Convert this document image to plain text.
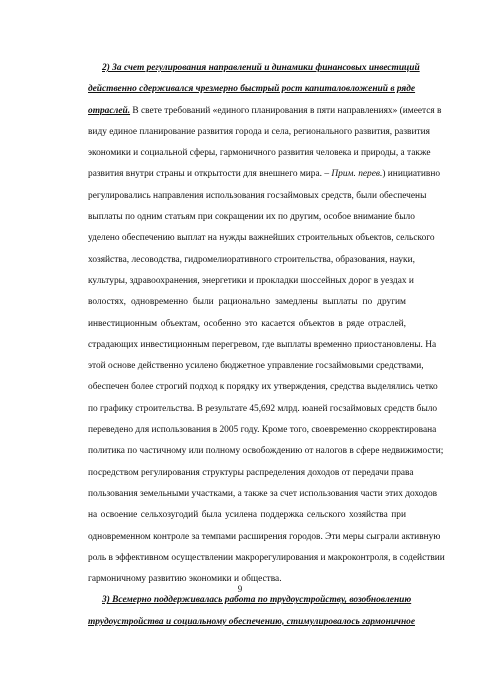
2) За счет регулирования направлений и динамики финансовых инвестиций
действенно сдерживался чрезмерно быстрый рост капиталовложений в ряде
отраслей. В свете требований «единого планирования в пяти направлениях» (имеется в
виду единое планирование развития города и села, регионального развития, развития
экономики и социальной сферы, гармоничного развития человека и природы, а также
развития внутри страны и открытости для внешнего мира. – Прим. перев.) инициативно
регулировались направления использования госзаймовых средств, были обеспечены
выплаты по одним статьям при сокращении их по другим, особое внимание было
уделено обеспечению выплат на нужды важнейших строительных объектов, сельского
хозяйства, лесоводства, гидромелиоративного строительства, образования, науки,
культуры, здравоохранения, энергетики и прокладки шоссейных дорог в уездах и
волостях, одновременно были рационально замедлены выплаты по другим
инвестиционным объектам, особенно это касается объектов в ряде отраслей,
страдающих инвестиционным перегревом, где выплаты временно приостановлены. На
этой основе действенно усилено бюджетное управление госзаймовыми средствами,
обеспечен более строгий подход к порядку их утверждения, средства выделялись четко
по графику строительства. В результате 45,692 млрд. юаней госзаймовых средств было
переведено для использования в 2005 году. Кроме того, своевременно скорректирована
политика по частичному или полному освобождению от налогов в сфере недвижимости;
посредством регулирования структуры распределения доходов от передачи права
пользования земельными участками, а также за счет использования части этих доходов
на освоение сельхозугодий была усилена поддержка сельского хозяйства при
одновременном контроле за темпами расширения городов. Эти меры сыграли активную
роль в эффективном осуществлении макрорегулирования и макроконтроля, в содействии
гармоничному развитию экономики и общества.
3) Всемерно поддерживалась работа по трудоустройству, возобновлению
трудоустройства и социальному обеспечению, стимулировалось гармоничное
9
